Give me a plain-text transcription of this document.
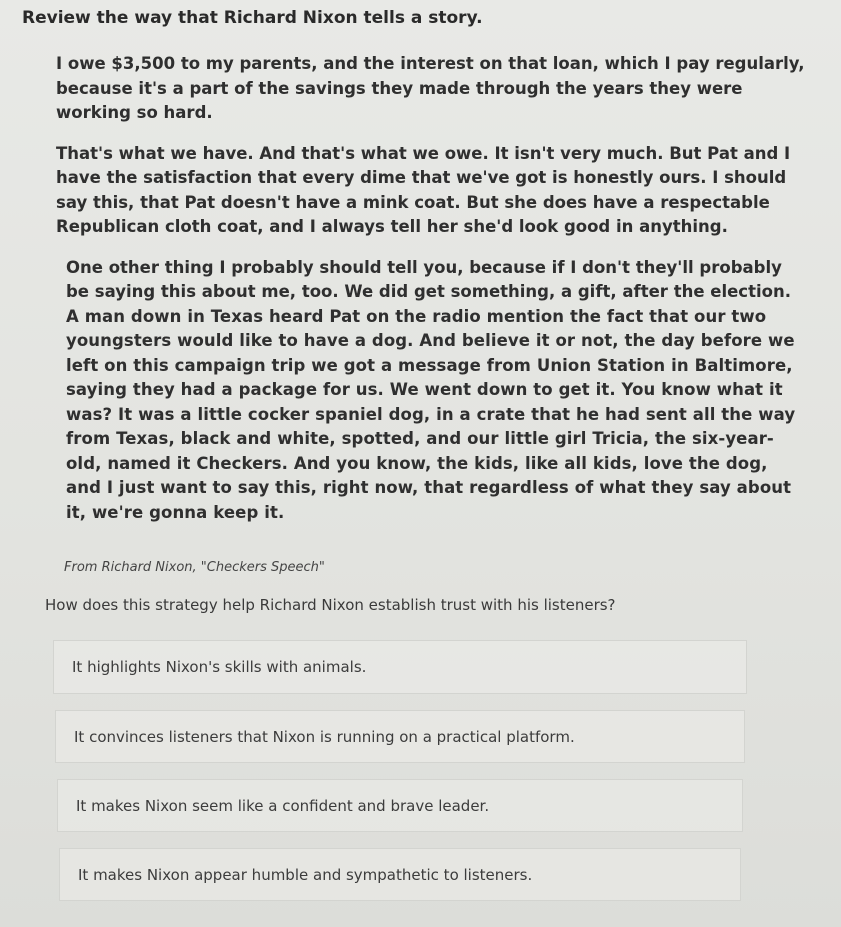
Review the way that Richard Nixon tells a story.

I owe $3,500 to my parents, and the interest on that loan, which I pay regularly, because it's a part of the savings they made through the years they were working so hard.

That's what we have. And that's what we owe. It isn't very much. But Pat and I have the satisfaction that every dime that we've got is honestly ours. I should say this, that Pat doesn't have a mink coat. But she does have a respectable Republican cloth coat, and I always tell her she'd look good in anything.

One other thing I probably should tell you, because if I don't they'll probably be saying this about me, too. We did get something, a gift, after the election. A man down in Texas heard Pat on the radio mention the fact that our two youngsters would like to have a dog. And believe it or not, the day before we left on this campaign trip we got a message from Union Station in Baltimore, saying they had a package for us. We went down to get it. You know what it was? It was a little cocker spaniel dog, in a crate that he had sent all the way from Texas, black and white, spotted, and our little girl Tricia, the six-year-old, named it Checkers. And you know, the kids, like all kids, love the dog, and I just want to say this, right now, that regardless of what they say about it, we're gonna keep it.

From Richard Nixon, "Checkers Speech"

How does this strategy help Richard Nixon establish trust with his listeners?

It highlights Nixon's skills with animals.
It convinces listeners that Nixon is running on a practical platform.
It makes Nixon seem like a confident and brave leader.
It makes Nixon appear humble and sympathetic to listeners.
